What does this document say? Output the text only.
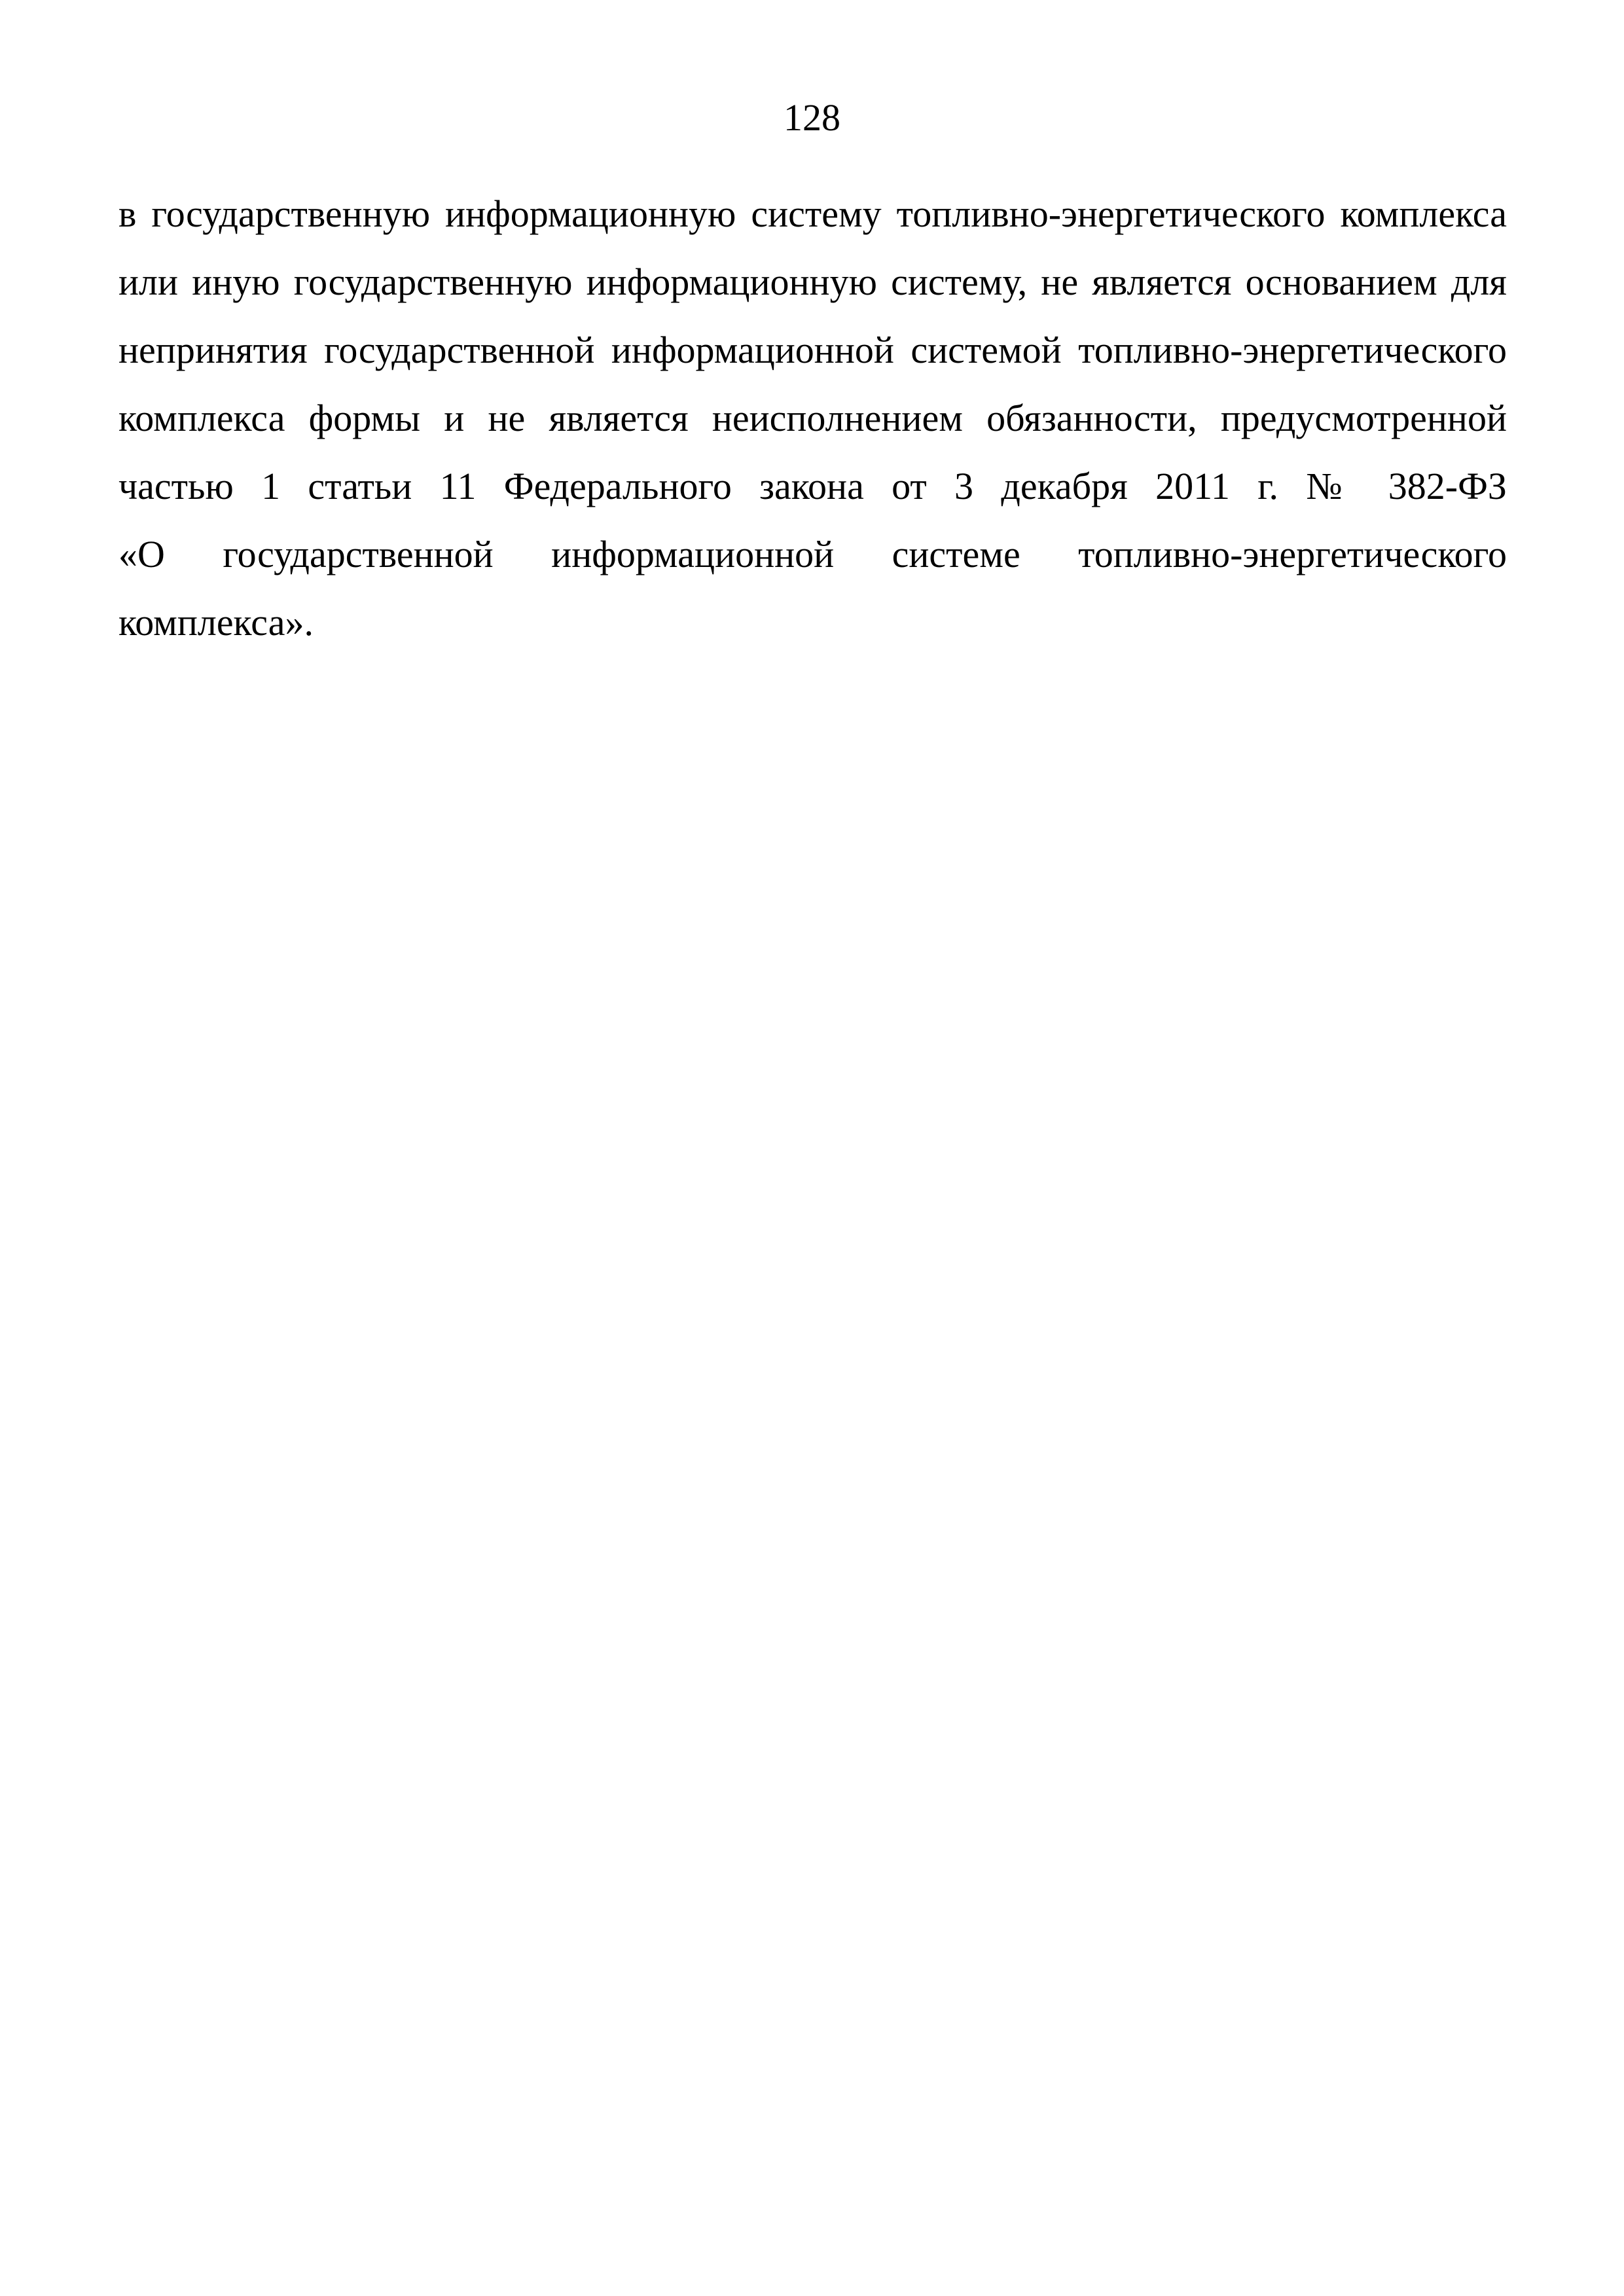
128
в государственную информационную систему топливно-энергетического комплекса
или иную государственную информационную систему, не является основанием для
непринятия государственной информационной системой топливно-энергетического
комплекса формы и не является неисполнением обязанности, предусмотренной
частью 1 статьи 11 Федерального закона от 3 декабря 2011 г. № 382-ФЗ
«О государственной информационной системе топливно-энергетического
комплекса».
